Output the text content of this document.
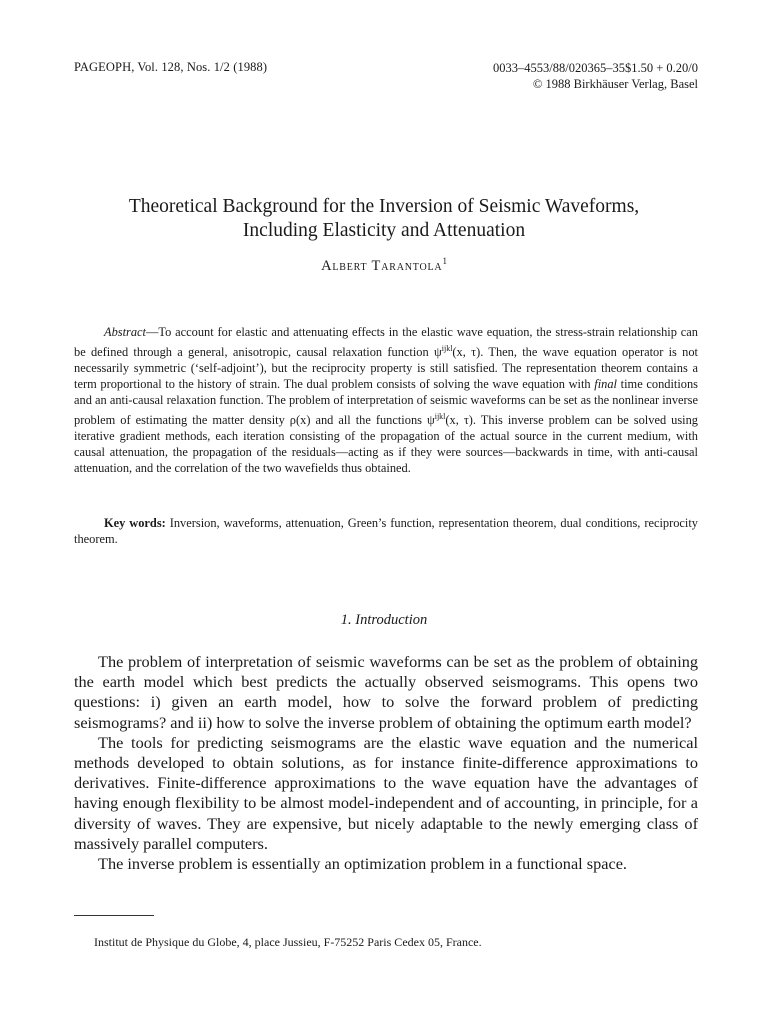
PAGEOPH, Vol. 128, Nos. 1/2 (1988)	0033–4553/88/020365–35$1.50 + 0.20/0
© 1988 Birkhäuser Verlag, Basel
Theoretical Background for the Inversion of Seismic Waveforms,
Including Elasticity and Attenuation
Albert Tarantola$^1$

Abstract—To account for elastic and attenuating effects in the elastic wave equation, the stress-strain relationship can be defined through a general, anisotropic, causal relaxation function $\psi^{ijkl}(x$, τ). Then, the wave equation operator is not necessarily symmetric (‘self-adjoint’), but the reciprocity property is still satisfied. The representation theorem contains a term proportional to the history of strain. The dual problem consists of solving the wave equation with final time conditions and an anti-causal relaxation function. The problem of interpretation of seismic waveforms can be set as the nonlinear inverse problem of estimating the matter density ρ(x) and all the functions $\psi^{ijkl}(x$, τ). This inverse problem can be solved using iterative gradient methods, each iteration consisting of the propagation of the actual source in the current medium, with causal attenuation, the propagation of the residuals—acting as if they were sources—backwards in time, with anti-causal attenuation, and the correlation of the two wavefields thus obtained.

Key words: Inversion, waveforms, attenuation, Green’s function, representation theorem, dual conditions, reciprocity theorem.

1. Introduction

The problem of interpretation of seismic waveforms can be set as the problem of obtaining the earth model which best predicts the actually observed seismograms. This opens two questions: i) given an earth model, how to solve the forward problem of predicting seismograms? and ii) how to solve the inverse problem of obtaining the optimum earth model?

The tools for predicting seismograms are the elastic wave equation and the numerical methods developed to obtain solutions, as for instance finite-difference approximations to derivatives. Finite-difference approximations to the wave equation have the advantages of having enough flexibility to be almost model-independent and of accounting, in principle, for a diversity of waves. They are expensive, but nicely adaptable to the newly emerging class of massively parallel computers.

The inverse problem is essentially an optimization problem in a functional space.

Institut de Physique du Globe, 4, place Jussieu, F-75252 Paris Cedex 05, France.
